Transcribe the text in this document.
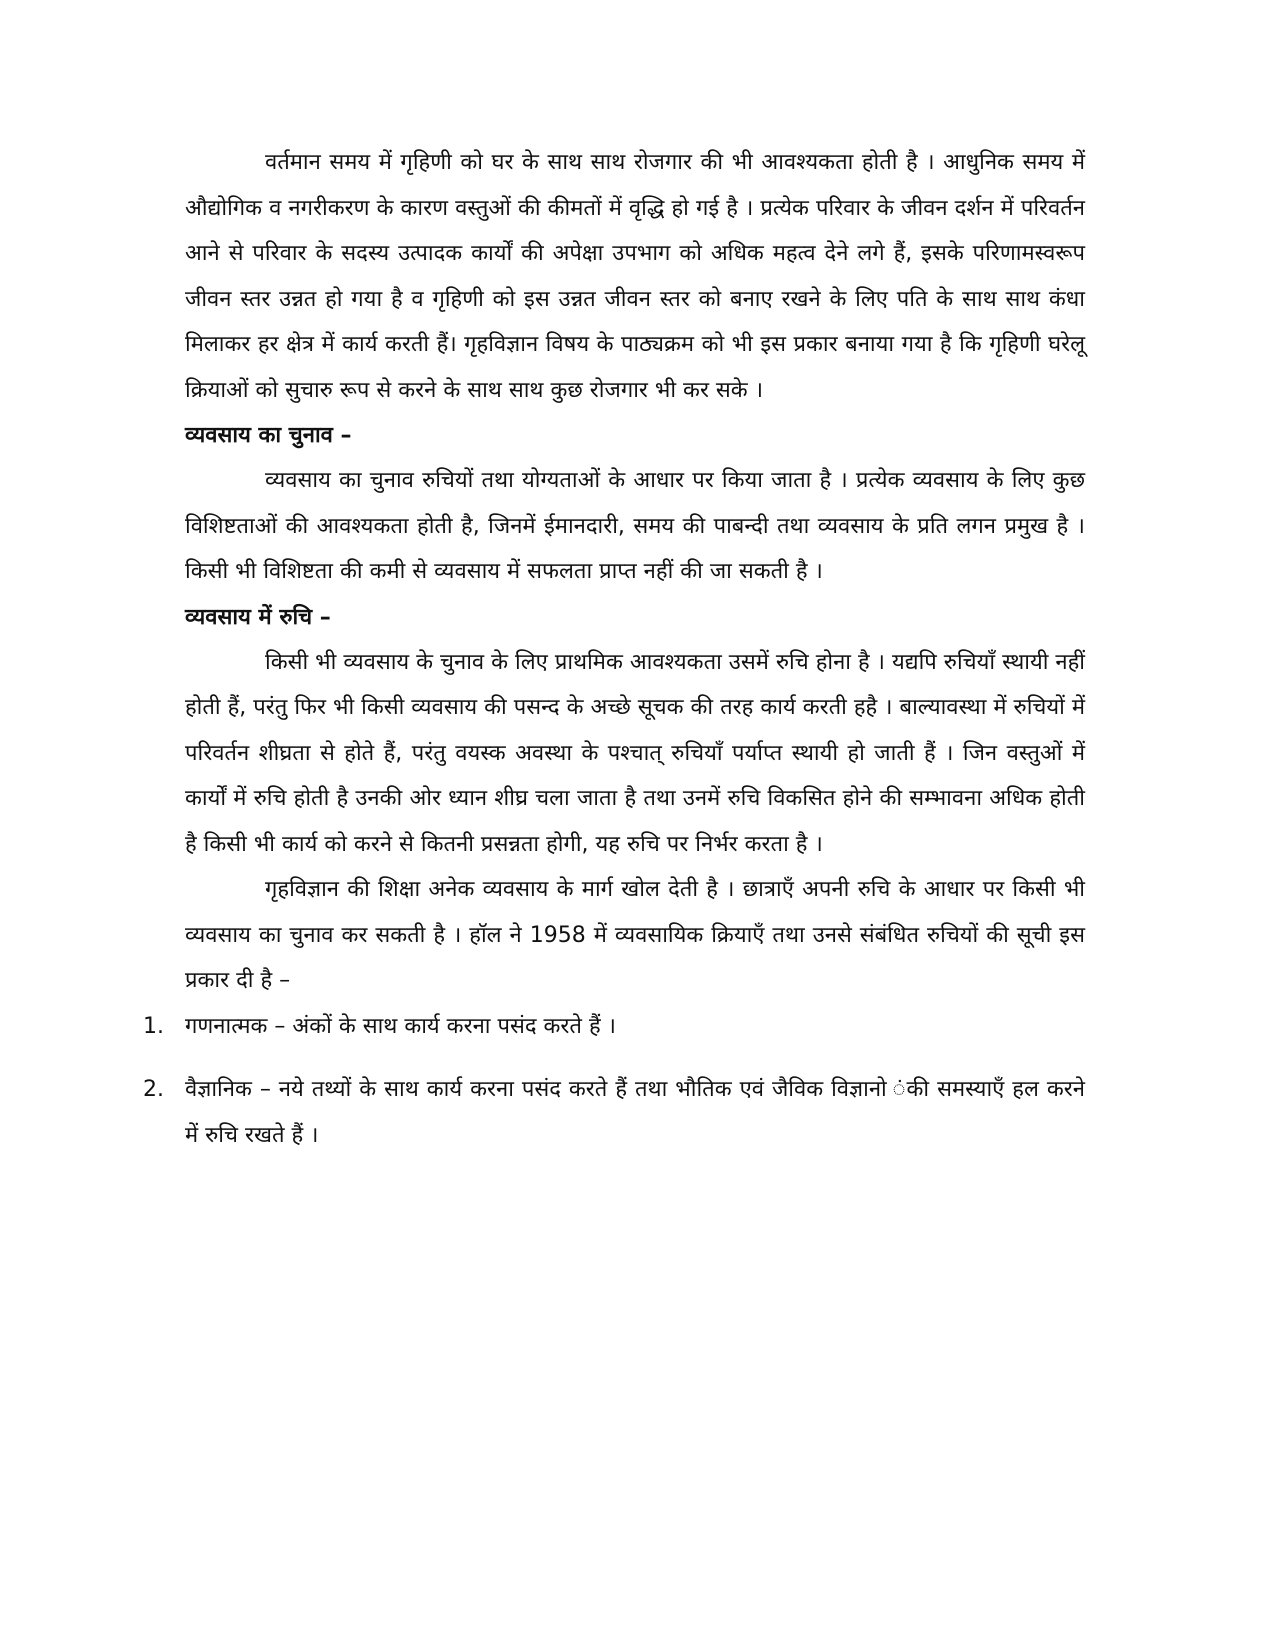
वर्तमान समय में गृहिणी को घर के साथ साथ रोजगार की भी आवश्यकता होती है । आधुनिक समय में औद्योगिक व नगरीकरण के कारण वस्तुओं की कीमतों में वृद्धि हो गई है । प्रत्येक परिवार के जीवन दर्शन में परिवर्तन आने से परिवार के सदस्य उत्पादक कार्यों की अपेक्षा उपभाग को अधिक महत्व देने लगे हैं, इसके परिणामस्वरूप जीवन स्तर उन्नत हो गया है व गृहिणी को इस उन्नत जीवन स्तर को बनाए रखने के लिए पति के साथ साथ कंधा मिलाकर हर क्षेत्र में कार्य करती हैं। गृहविज्ञान विषय के पाठ्यक्रम को भी इस प्रकार बनाया गया है कि गृहिणी घरेलू क्रियाओं को सुचारु रूप से करने के साथ साथ कुछ रोजगार भी कर सके ।

व्यवसाय का चुनाव –

व्यवसाय का चुनाव रुचियों तथा योग्यताओं के आधार पर किया जाता है । प्रत्येक व्यवसाय के लिए कुछ विशिष्टताओं की आवश्यकता होती है, जिनमें ईमानदारी, समय की पाबन्दी तथा व्यवसाय के प्रति लगन प्रमुख है । किसी भी विशिष्टता की कमी से व्यवसाय में सफलता प्राप्त नहीं की जा सकती है ।

व्यवसाय में रुचि –

किसी भी व्यवसाय के चुनाव के लिए प्राथमिक आवश्यकता उसमें रुचि होना है । यद्यपि रुचियाँ स्थायी नहीं होती हैं, परंतु फिर भी किसी व्यवसाय की पसन्द के अच्छे सूचक की तरह कार्य करती हहै । बाल्यावस्था में रुचियों में परिवर्तन शीघ्रता से होते हैं, परंतु वयस्क अवस्था के पश्चात् रुचियाँ पर्याप्त स्थायी हो जाती हैं । जिन वस्तुओं में कार्यों में रुचि होती है उनकी ओर ध्यान शीघ्र चला जाता है तथा उनमें रुचि विकसित होने की सम्भावना अधिक होती है किसी भी कार्य को करने से कितनी प्रसन्नता होगी, यह रुचि पर निर्भर करता है ।

गृहविज्ञान की शिक्षा अनेक व्यवसाय के मार्ग खोल देती है । छात्राएँ अपनी रुचि के आधार पर किसी भी व्यवसाय का चुनाव कर सकती है । हॉल ने 1958 में व्यवसायिक क्रियाएँ तथा उनसे संबंधित रुचियों की सूची इस प्रकार दी है –

1. गणनात्मक – अंकों के साथ कार्य करना पसंद करते हैं ।
2. वैज्ञानिक – नये तथ्यों के साथ कार्य करना पसंद करते हैं तथा भौतिक एवं जैविक विज्ञानो ंकी समस्याएँ हल करने में रुचि रखते हैं ।
